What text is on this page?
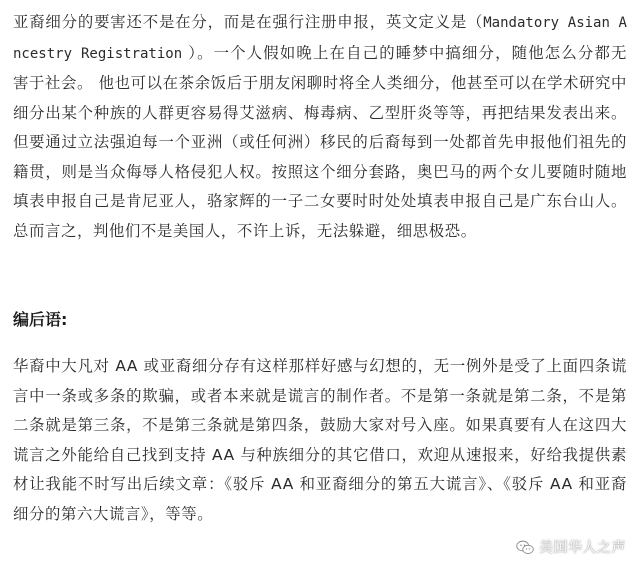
亚裔细分的要害还不是在分，而是在强行注册申报，英文定义是（Mandatory Asian Ancestry Registration ）。一个人假如晚上在自己的睡梦中搞细分，随他怎么分都无害于社会。 他也可以在茶余饭后于朋友闲聊时将全人类细分，他甚至可以在学术研究中细分出某个种族的人群更容易得艾滋病、梅毒病、乙型肝炎等等，再把结果发表出来。但要通过立法强迫每一个亚洲（或任何洲）移民的后裔每到一处都首先申报他们祖先的籍贯，则是当众侮辱人格侵犯人权。按照这个细分套路，奥巴马的两个女儿要随时随地填表申报自己是肯尼亚人，骆家辉的一子二女要时时处处填表申报自己是广东台山人。总而言之，判他们不是美国人，不许上诉，无法躲避，细思极恐。

编后语:

华裔中大凡对 AA 或亚裔细分存有这样那样好感与幻想的，无一例外是受了上面四条谎言中一条或多条的欺骗，或者本来就是谎言的制作者。不是第一条就是第二条，不是第二条就是第三条，不是第三条就是第四条，鼓励大家对号入座。如果真要有人在这四大谎言之外能给自己找到支持 AA 与种族细分的其它借口，欢迎从速报来，好给我提供素材让我能不时写出后续文章：《驳斥 AA 和亚裔细分的第五大谎言》、《驳斥 AA 和亚裔细分的第六大谎言》，等等。

美国华人之声
